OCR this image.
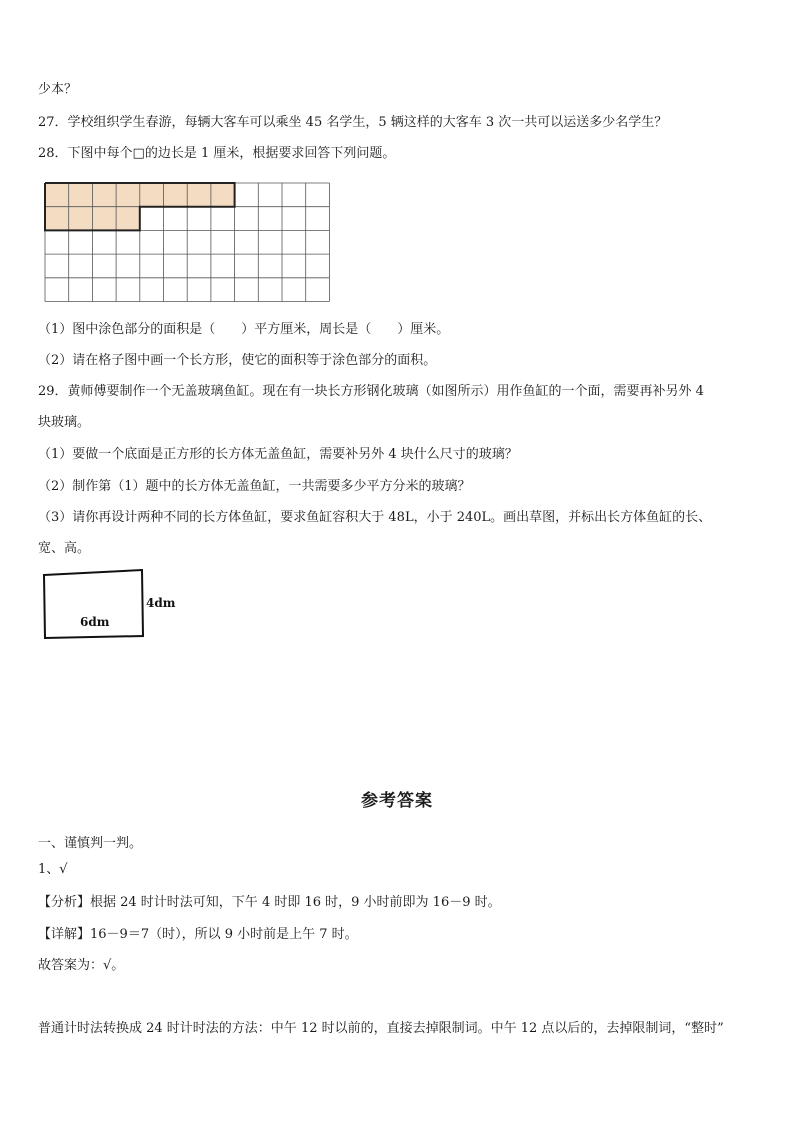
少本？
27．学校组织学生春游，每辆大客车可以乘坐 45 名学生，5 辆这样的大客车 3 次一共可以运送多少名学生？
28．下图中每个□的边长是 1 厘米，根据要求回答下列问题。
（1）图中涂色部分的面积是（　　）平方厘米，周长是（　　）厘米。
（2）请在格子图中画一个长方形，使它的面积等于涂色部分的面积。
29．黄师傅要制作一个无盖玻璃鱼缸。现在有一块长方形钢化玻璃（如图所示）用作鱼缸的一个面，需要再补另外 4
块玻璃。
（1）要做一个底面是正方形的长方体无盖鱼缸，需要补另外 4 块什么尺寸的玻璃？
（2）制作第（1）题中的长方体无盖鱼缸，一共需要多少平方分米的玻璃？
（3）请你再设计两种不同的长方体鱼缸，要求鱼缸容积大于 48L，小于 240L。画出草图，并标出长方体鱼缸的长、
宽、高。
4dm
6dm
参考答案
一、谨慎判一判。
1、√
【分析】根据 24 时计时法可知，下午 4 时即 16 时，9 小时前即为 16－9 时。
【详解】16－9＝7（时），所以 9 小时前是上午 7 时。
故答案为：√。
普通计时法转换成 24 时计时法的方法：中午 12 时以前的，直接去掉限制词。中午 12 点以后的，去掉限制词，“整时”
